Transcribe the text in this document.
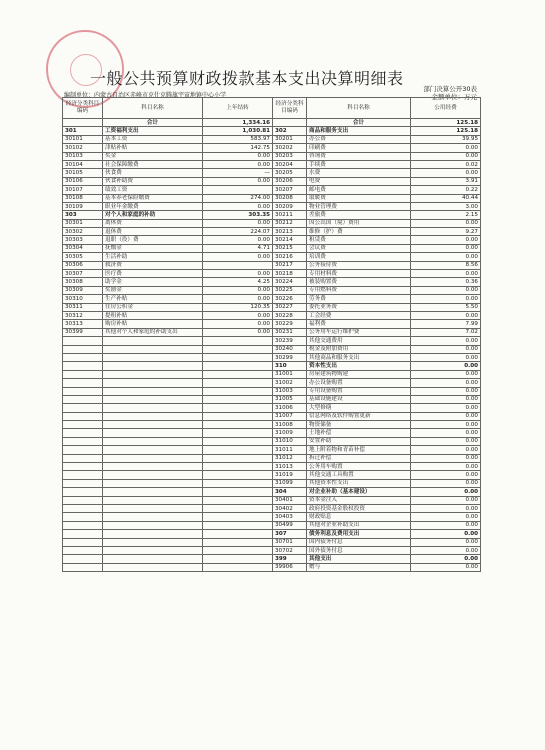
一般公共预算财政拨款基本支出决算明细表
部门决算公开30表
金额单位：万元
编制单位：内蒙古自治区赤峰市克什克腾旗宇宙地镇中心小学
经济分类科目编码	科目名称	上年结转	经济分类科目编码	科目名称	公用经费
	合计	1,334.16		合计	125.18
301	工资福利支出	1,030.81	302	商品和服务支出	125.18
30101	基本工资	583.97	30201	办公费	39.95
30102	津贴补贴	142.75	30202	印刷费	0.00
30103	奖金	0.00	30203	咨询费	0.00
30104	社会保障缴费	0.00	30204	手续费	0.02
30105	伙食费	—	30205	水费	0.00
30106	伙食补助费	0.00	30206	电费	3.91
30107	绩效工资		30207	邮电费	0.22
30108	基本养老保险缴费	274.00	30208	取暖费	40.44
30109	职业年金缴费	0.00	30209	物业管理费	3.00
303	对个人和家庭的补助	303.35	30211	差旅费	2.15
30301	离休费	0.00	30212	因公出国（境）费用	0.00
30302	退休费	224.07	30213	维修（护）费	9.27
30303	退职（役）费	0.00	30214	租赁费	0.00
30304	抚恤金	4.71	30215	会议费	0.00
30305	生活补助	0.00	30216	培训费	0.00
30306	救济费		30217	公务接待费	8.56
30307	医疗费	0.00	30218	专用材料费	0.00
30308	助学金	4.25	30224	被装购置费	0.36
30309	奖励金	0.00	30225	专用燃料费	0.00
30310	生产补贴	0.00	30226	劳务费	0.00
30311	住房公积金	120.35	30227	委托业务费	5.50
30312	提租补贴	0.00	30228	工会经费	0.00
30313	购房补贴	0.00	30229	福利费	7.99
30399	其他对个人和家庭的补助支出	0.00	30231	公务用车运行维护费	7.02
			30239	其他交通费用	0.00
			30240	税金及附加费用	0.00
			30299	其他商品和服务支出	0.00
			310	资本性支出	0.00
			31001	房屋建筑物购建	0.00
			31002	办公设备购置	0.00
			31003	专用设备购置	0.00
			31005	基础设施建设	0.00
			31006	大型修缮	0.00
			31007	信息网络及软件购置更新	0.00
			31008	物资储备	0.00
			31009	土地补偿	0.00
			31010	安置补助	0.00
			31011	地上附着物和青苗补偿	0.00
			31012	拆迁补偿	0.00
			31013	公务用车购置	0.00
			31019	其他交通工具购置	0.00
			31099	其他资本性支出	0.00
			304	对企业补助（基本建设）	0.00
			30401	资本金注入	0.00
			30402	政府投资基金股权投资	0.00
			30403	财政贴息	0.00
			30499	其他对企业补助支出	0.00
			307	债务利息及费用支出	0.00
			30701	国内债务付息	0.00
			30702	国外债务付息	0.00
			399	其他支出	0.00
			39906	赠与	0.00
